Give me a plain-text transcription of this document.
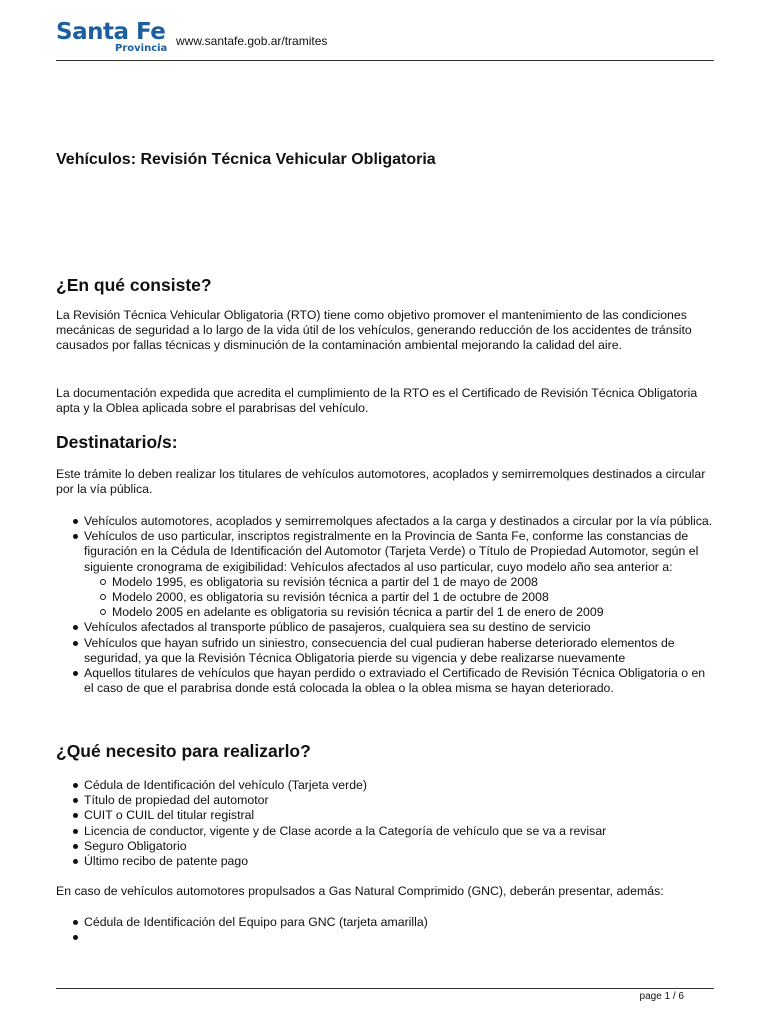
Santa Fe
Provincia
www.santafe.gob.ar/tramites
Vehículos: Revisión Técnica Vehicular Obligatoria
¿En qué consiste?

La Revisión Técnica Vehicular Obligatoria (RTO) tiene como objetivo promover el mantenimiento de las condiciones mecánicas de seguridad a lo largo de la vida útil de los vehículos, generando reducción de los accidentes de tránsito causados por fallas técnicas y disminución de la contaminación ambiental mejorando la calidad del aire.

La documentación expedida que acredita el cumplimiento de la RTO es el Certificado de Revisión Técnica Obligatoria apta y la Oblea aplicada sobre el parabrisas del vehículo.

Destinatario/s:

Este trámite lo deben realizar los titulares de vehículos automotores, acoplados y semirremolques destinados a circular por la vía pública.

Vehículos automotores, acoplados y semirremolques afectados a la carga y destinados a circular por la vía pública.
Vehículos de uso particular, inscriptos registralmente en la Provincia de Santa Fe, conforme las constancias de figuración en la Cédula de Identificación del Automotor (Tarjeta Verde) o Título de Propiedad Automotor, según el siguiente cronograma de exigibilidad: Vehículos afectados al uso particular, cuyo modelo año sea anterior a:
Modelo 1995, es obligatoria su revisión técnica a partir del 1 de mayo de 2008
Modelo 2000, es obligatoria su revisión técnica a partir del 1 de octubre de 2008
Modelo 2005 en adelante es obligatoria su revisión técnica a partir del 1 de enero de 2009
Vehículos afectados al transporte público de pasajeros, cualquiera sea su destino de servicio
Vehículos que hayan sufrido un siniestro, consecuencia del cual pudieran haberse deteriorado elementos de seguridad, ya que la Revisión Técnica Obligatoria pierde su vigencia y debe realizarse nuevamente
Aquellos titulares de vehículos que hayan perdido o extraviado el Certificado de Revisión Técnica Obligatoria o en el caso de que el parabrisa donde está colocada la oblea o la oblea misma se hayan deteriorado.
¿Qué necesito para realizarlo?
Cédula de Identificación del vehículo (Tarjeta verde)
Título de propiedad del automotor
CUIT o CUIL del titular registral
Licencia de conductor, vigente y de Clase acorde a la Categoría de vehículo que se va a revisar
Seguro Obligatorio
Último recibo de patente pago

En caso de vehículos automotores propulsados a Gas Natural Comprimido (GNC), deberán presentar, además:

Cédula de Identificación del Equipo para GNC (tarjeta amarilla)
page 1 / 6
